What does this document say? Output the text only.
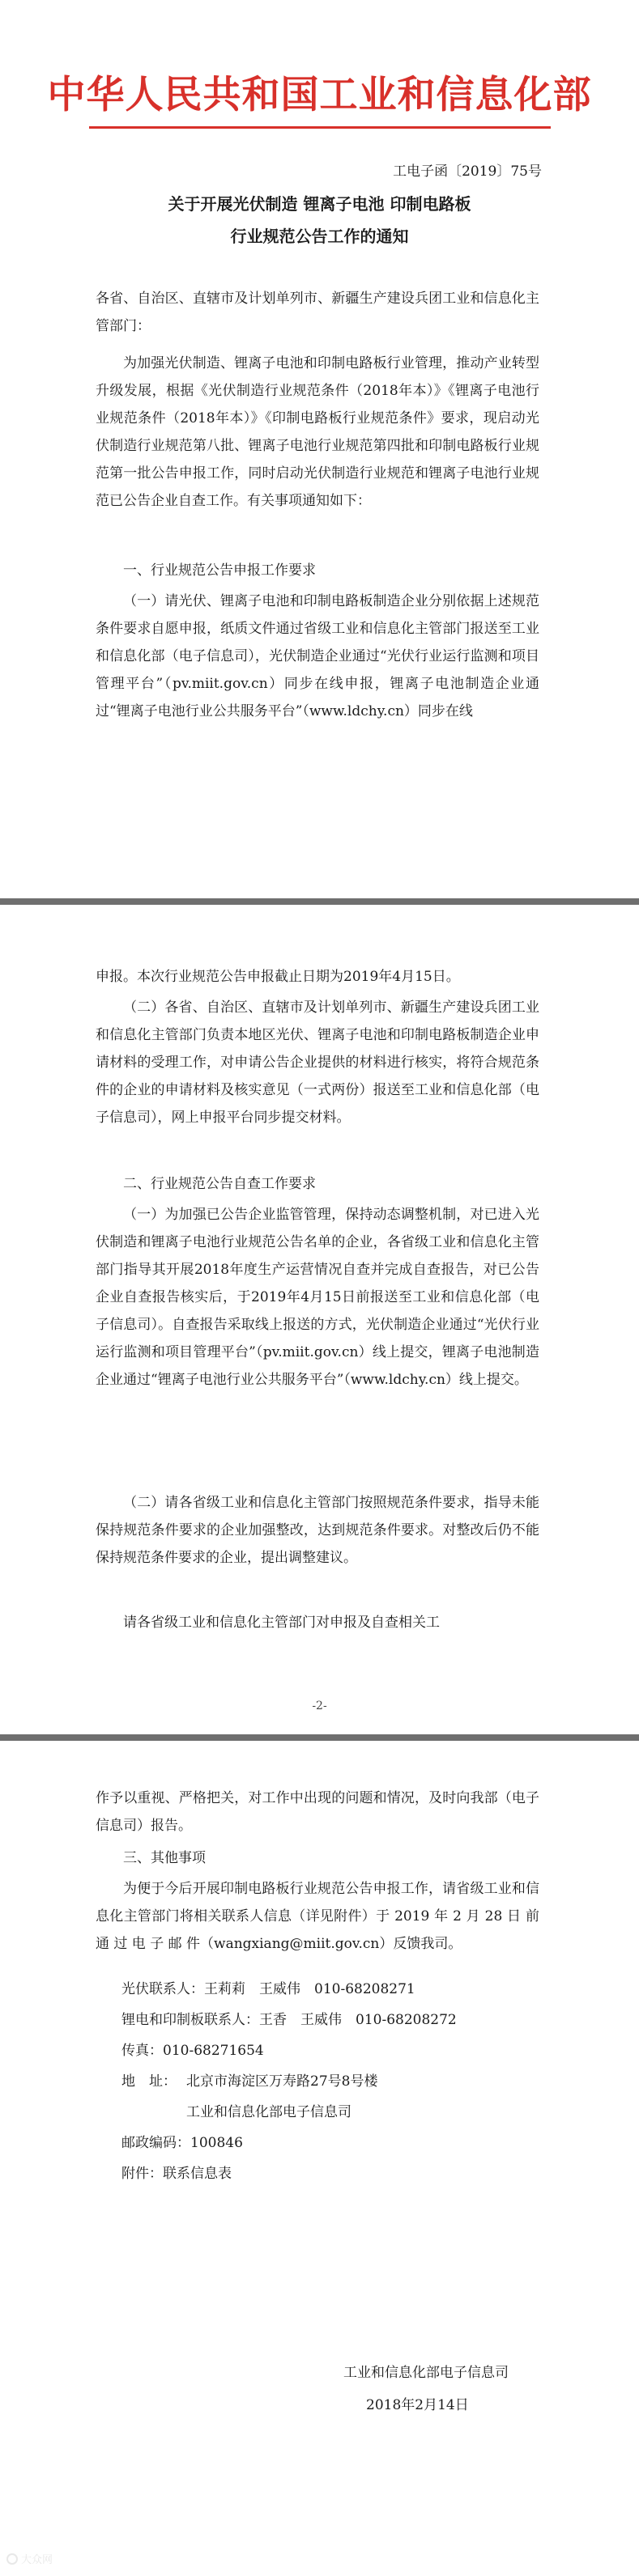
中华人民共和国工业和信息化部
工电子函〔2019〕75号
关于开展光伏制造 锂离子电池 印制电路板
行业规范公告工作的通知

各省、自治区、直辖市及计划单列市、新疆生产建设兵团工业和信息化主管部门：

为加强光伏制造、锂离子电池和印制电路板行业管理，推动产业转型升级发展，根据《光伏制造行业规范条件（2018年本）》《锂离子电池行业规范条件（2018年本）》《印制电路板行业规范条件》要求，现启动光伏制造行业规范第八批、锂离子电池行业规范第四批和印制电路板行业规范第一批公告申报工作，同时启动光伏制造行业规范和锂离子电池行业规范已公告企业自查工作。有关事项通知如下：

一、行业规范公告申报工作要求

（一）请光伏、锂离子电池和印制电路板制造企业分别依据上述规范条件要求自愿申报，纸质文件通过省级工业和信息化主管部门报送至工业和信息化部（电子信息司），光伏制造企业通过“光伏行业运行监测和项目管理平台”（pv.miit.gov.cn）同步在线申报，锂离子电池制造企业通过“锂离子电池行业公共服务平台”（www.ldchy.cn）同步在线

申报。本次行业规范公告申报截止日期为2019年4月15日。

（二）各省、自治区、直辖市及计划单列市、新疆生产建设兵团工业和信息化主管部门负责本地区光伏、锂离子电池和印制电路板制造企业申请材料的受理工作，对申请公告企业提供的材料进行核实，将符合规范条件的企业的申请材料及核实意见（一式两份）报送至工业和信息化部（电子信息司），网上申报平台同步提交材料。

二、行业规范公告自查工作要求

（一）为加强已公告企业监管管理，保持动态调整机制，对已进入光伏制造和锂离子电池行业规范公告名单的企业，各省级工业和信息化主管部门指导其开展2018年度生产运营情况自查并完成自查报告，对已公告企业自查报告核实后，于2019年4月15日前报送至工业和信息化部（电子信息司）。自查报告采取线上报送的方式，光伏制造企业通过“光伏行业运行监测和项目管理平台”（pv.miit.gov.cn）线上提交，锂离子电池制造企业通过“锂离子电池行业公共服务平台”（www.ldchy.cn）线上提交。

（二）请各省级工业和信息化主管部门按照规范条件要求，指导未能保持规范条件要求的企业加强整改，达到规范条件要求。对整改后仍不能保持规范条件要求的企业，提出调整建议。

请各省级工业和信息化主管部门对申报及自查相关工

-2-

作予以重视、严格把关，对工作中出现的问题和情况，及时向我部（电子信息司）报告。

三、其他事项

为便于今后开展印制电路板行业规范公告申报工作，请省级工业和信息化主管部门将相关联系人信息（详见附件）于 2019 年 2 月 28 日 前 通 过 电 子 邮 件（wangxiang@miit.gov.cn）反馈我司。

光伏联系人：王莉莉　王威伟　010-68208271
锂电和印制板联系人：王香　王威伟　010-68208272
传真：010-68271654
地　址： 北京市海淀区万寿路27号8号楼
工业和信息化部电子信息司
邮政编码：100846
附件：联系信息表
工业和信息化部电子信息司
2018年2月14日
大众网
